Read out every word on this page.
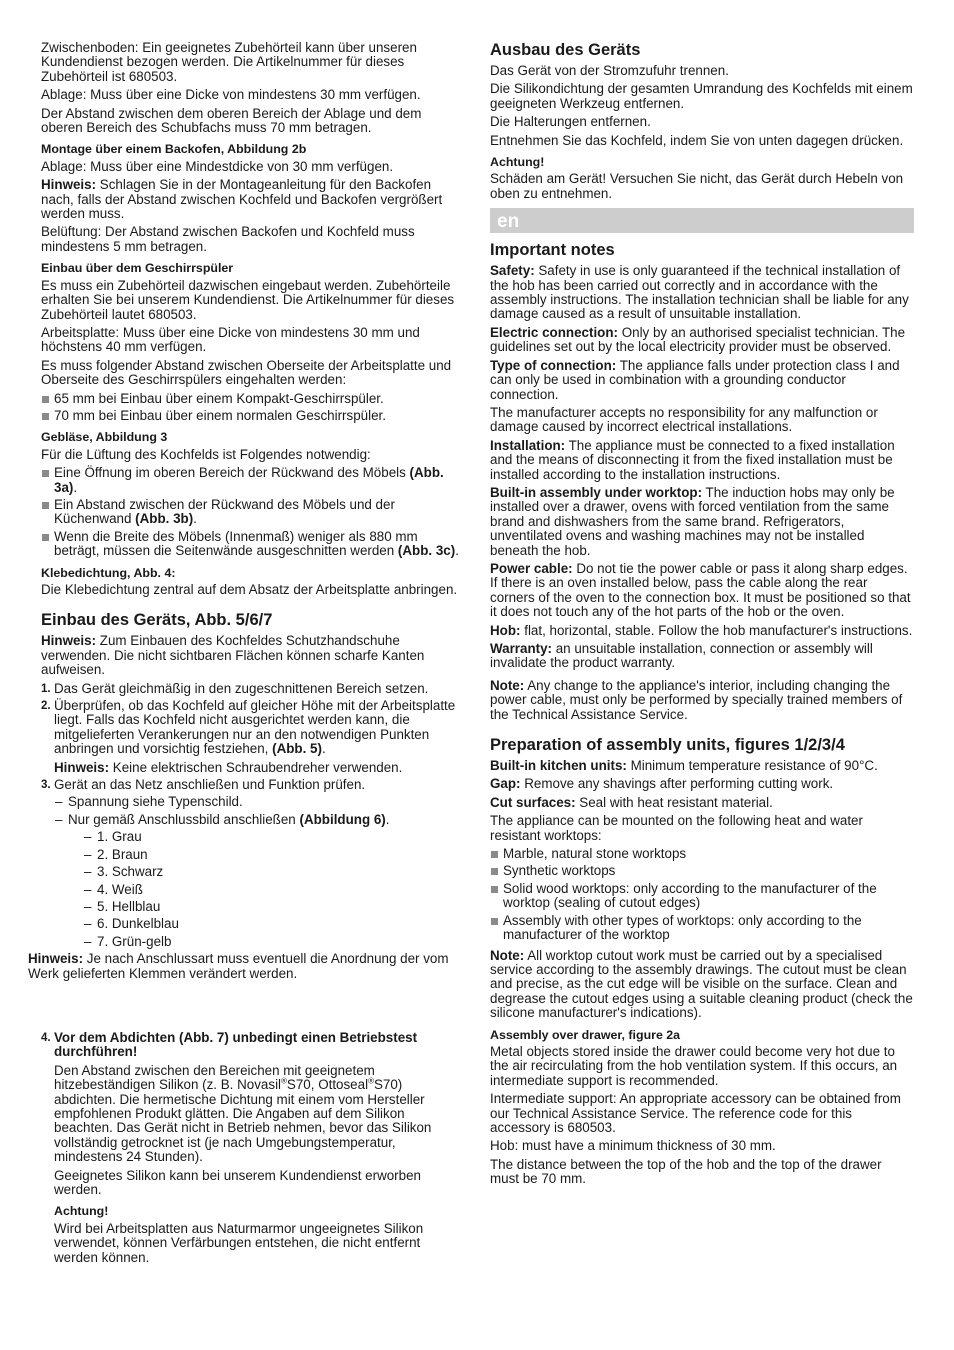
Zwischenboden: Ein geeignetes Zubehörteil kann über unseren Kundendienst bezogen werden. Die Artikelnummer für dieses Zubehörteil ist 680503.

Ablage: Muss über eine Dicke von mindestens 30 mm verfügen.

Der Abstand zwischen dem oberen Bereich der Ablage und dem oberen Bereich des Schubfachs muss 70 mm betragen.

Montage über einem Backofen, Abbildung 2b

Ablage: Muss über eine Mindestdicke von 30 mm verfügen.

Hinweis: Schlagen Sie in der Montageanleitung für den Backofen nach, falls der Abstand zwischen Kochfeld und Backofen vergrößert werden muss.

Belüftung: Der Abstand zwischen Backofen und Kochfeld muss mindestens 5 mm betragen.

Einbau über dem Geschirrspüler

Es muss ein Zubehörteil dazwischen eingebaut werden. Zubehörteile erhalten Sie bei unserem Kundendienst. Die Artikelnummer für dieses Zubehörteil lautet 680503.

Arbeitsplatte: Muss über eine Dicke von mindestens 30 mm und höchstens 40 mm verfügen.

Es muss folgender Abstand zwischen Oberseite der Arbeitsplatte und Oberseite des Geschirrspülers eingehalten werden:

65 mm bei Einbau über einem Kompakt-Geschirrspüler.
70 mm bei Einbau über einem normalen Geschirrspüler.
Gebläse, Abbildung 3

Für die Lüftung des Kochfelds ist Folgendes notwendig:

Eine Öffnung im oberen Bereich der Rückwand des Möbels (Abb. 3a).
Ein Abstand zwischen der Rückwand des Möbels und der Küchenwand (Abb. 3b).
Wenn die Breite des Möbels (Innenmaß) weniger als 880 mm beträgt, müssen die Seitenwände ausgeschnitten werden (Abb. 3c).
Klebedichtung, Abb. 4:

Die Klebedichtung zentral auf dem Absatz der Arbeitsplatte anbringen.

Einbau des Geräts, Abb. 5/6/7

Hinweis: Zum Einbauen des Kochfeldes Schutzhandschuhe verwenden. Die nicht sichtbaren Flächen können scharfe Kanten aufweisen.

1. Das Gerät gleichmäßig in den zugeschnittenen Bereich setzen.
2. Überprüfen, ob das Kochfeld auf gleicher Höhe mit der Arbeitsplatte liegt. Falls das Kochfeld nicht ausgerichtet werden kann, die mitgelieferten Verankerungen nur an den notwendigen Punkten anbringen und vorsichtig festziehen, (Abb. 5).
Hinweis: Keine elektrischen Schraubendreher verwenden.
3. Gerät an das Netz anschließen und Funktion prüfen.
– Spannung siehe Typenschild.
– Nur gemäß Anschlussbild anschließen (Abbildung 6).
– 1. Grau
– 2. Braun
– 3. Schwarz
– 4. Weiß
– 5. Hellblau
– 6. Dunkelblau
– 7. Grün-gelb

Hinweis: Je nach Anschlussart muss eventuell die Anordnung der vom Werk gelieferten Klemmen verändert werden.

4. Vor dem Abdichten (Abb. 7) unbedingt einen Betriebstest durchführen!

Den Abstand zwischen den Bereichen mit geeignetem hitzebeständigen Silikon (z. B. Novasil®S70, Ottoseal®S70) abdichten. Die hermetische Dichtung mit einem vom Hersteller empfohlenen Produkt glätten. Die Angaben auf dem Silikon beachten. Das Gerät nicht in Betrieb nehmen, bevor das Silikon vollständig getrocknet ist (je nach Umgebungstemperatur, mindestens 24 Stunden).

Geeignetes Silikon kann bei unserem Kundendienst erworben werden.

Achtung!

Wird bei Arbeitsplatten aus Naturmarmor ungeeignetes Silikon verwendet, können Verfärbungen entstehen, die nicht entfernt werden können.

Ausbau des Geräts

Das Gerät von der Stromzufuhr trennen.

Die Silikondichtung der gesamten Umrandung des Kochfelds mit einem geeigneten Werkzeug entfernen.

Die Halterungen entfernen.

Entnehmen Sie das Kochfeld, indem Sie von unten dagegen drücken.

Achtung!

Schäden am Gerät! Versuchen Sie nicht, das Gerät durch Hebeln von oben zu entnehmen.

en
Important notes

Safety: Safety in use is only guaranteed if the technical installation of the hob has been carried out correctly and in accordance with the assembly instructions. The installation technician shall be liable for any damage caused as a result of unsuitable installation.

Electric connection: Only by an authorised specialist technician. The guidelines set out by the local electricity provider must be observed.

Type of connection: The appliance falls under protection class I and can only be used in combination with a grounding conductor connection.

The manufacturer accepts no responsibility for any malfunction or damage caused by incorrect electrical installations.

Installation: The appliance must be connected to a fixed installation and the means of disconnecting it from the fixed installation must be installed according to the installation instructions.

Built-in assembly under worktop: The induction hobs may only be installed over a drawer, ovens with forced ventilation from the same brand and dishwashers from the same brand. Refrigerators, unventilated ovens and washing machines may not be installed beneath the hob.

Power cable: Do not tie the power cable or pass it along sharp edges. If there is an oven installed below, pass the cable along the rear corners of the oven to the connection box. It must be positioned so that it does not touch any of the hot parts of the hob or the oven.

Hob: flat, horizontal, stable. Follow the hob manufacturer's instructions.

Warranty: an unsuitable installation, connection or assembly will invalidate the product warranty.

Note: Any change to the appliance's interior, including changing the power cable, must only be performed by specially trained members of the Technical Assistance Service.

Preparation of assembly units, figures 1/2/3/4

Built-in kitchen units: Minimum temperature resistance of 90°C.

Gap: Remove any shavings after performing cutting work.

Cut surfaces: Seal with heat resistant material.

The appliance can be mounted on the following heat and water resistant worktops:

Marble, natural stone worktops
Synthetic worktops
Solid wood worktops: only according to the manufacturer of the worktop (sealing of cutout edges)
Assembly with other types of worktops: only according to the manufacturer of the worktop

Note: All worktop cutout work must be carried out by a specialised service according to the assembly drawings. The cutout must be clean and precise, as the cut edge will be visible on the surface. Clean and degrease the cutout edges using a suitable cleaning product (check the silicone manufacturer's indications).

Assembly over drawer, figure 2a

Metal objects stored inside the drawer could become very hot due to the air recirculating from the hob ventilation system. If this occurs, an intermediate support is recommended.

Intermediate support: An appropriate accessory can be obtained from our Technical Assistance Service. The reference code for this accessory is 680503.

Hob: must have a minimum thickness of 30 mm.

The distance between the top of the hob and the top of the drawer must be 70 mm.
